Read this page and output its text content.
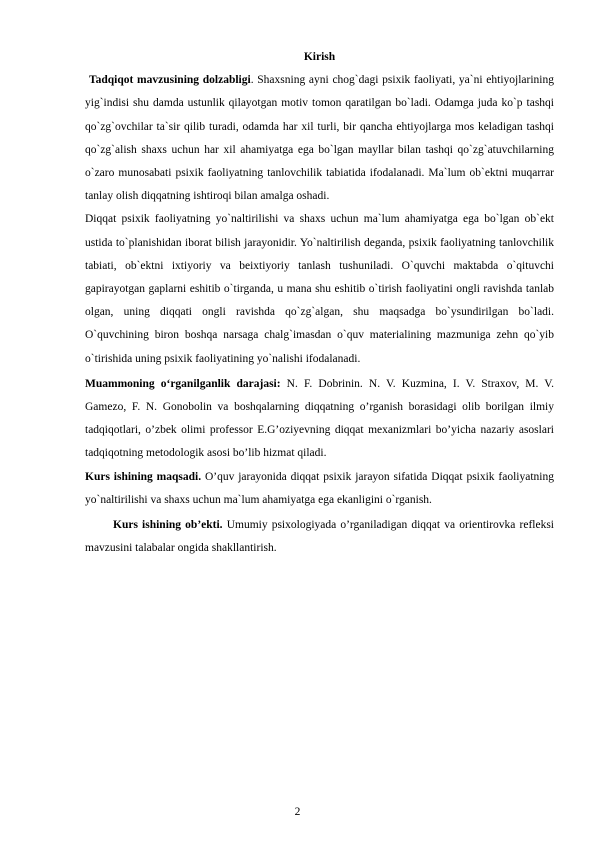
Kirish

Tadqiqot mavzusining dolzabligi. Shaxsning ayni chog`dagi psixik faoliyati, ya`ni ehtiyojlarining yig`indisi shu damda ustunlik qilayotgan motiv tomon qaratilgan bo`ladi. Odamga juda ko`p tashqi qo`zg`ovchilar ta`sir qilib turadi, odamda har xil turli, bir qancha ehtiyojlarga mos keladigan tashqi qo`zg`alish shaxs uchun har xil ahamiyatga ega bo`lgan mayllar bilan tashqi qo`zg`atuvchilarning o`zaro munosabati psixik faoliyatning tanlovchilik tabiatida ifodalanadi. Ma`lum ob`ektni muqarrar tanlay olish diqqatning ishtiroqi bilan amalga oshadi.

Diqqat psixik faoliyatning yo`naltirilishi va shaxs uchun ma`lum ahamiyatga ega bo`lgan ob`ekt ustida to`planishidan iborat bilish jarayonidir. Yo`naltirilish deganda, psixik faoliyatning tanlovchilik tabiati, ob`ektni ixtiyoriy va beixtiyoriy tanlash tushuniladi. O`quvchi maktabda o`qituvchi gapirayotgan gaplarni eshitib o`tirganda, u mana shu eshitib o`tirish faoliyatini ongli ravishda tanlab olgan, uning diqqati ongli ravishda qo`zg`algan, shu maqsadga bo`ysundirilgan bo`ladi. O`quvchining biron boshqa narsaga chalg`imasdan o`quv materialining mazmuniga zehn qo`yib o`tirishida uning psixik faoliyatining yo`nalishi ifodalanadi.

Muammoning o‘rganilganlik darajasi: N. F. Dobrinin. N. V. Kuzmina, I. V. Straxov, M. V. Gamezo, F. N. Gonobolin va boshqalarning diqqatning o’rganish borasidagi olib borilgan ilmiy tadqiqotlari, o’zbek olimi professor E.G’oziyevning diqqat mexanizmlari bo’yicha nazariy asoslari tadqiqotning metodologik asosi bo’lib hizmat qiladi.

Kurs ishining maqsadi. O’quv jarayonida diqqat psixik jarayon sifatida Diqqat psixik faoliyatning yo`naltirilishi va shaxs uchun ma`lum ahamiyatga ega ekanligini o`rganish.

Kurs ishining ob’ekti. Umumiy psixologiyada o’rganiladigan diqqat va orientirovka refleksi mavzusini talabalar ongida shakllantirish.

2
